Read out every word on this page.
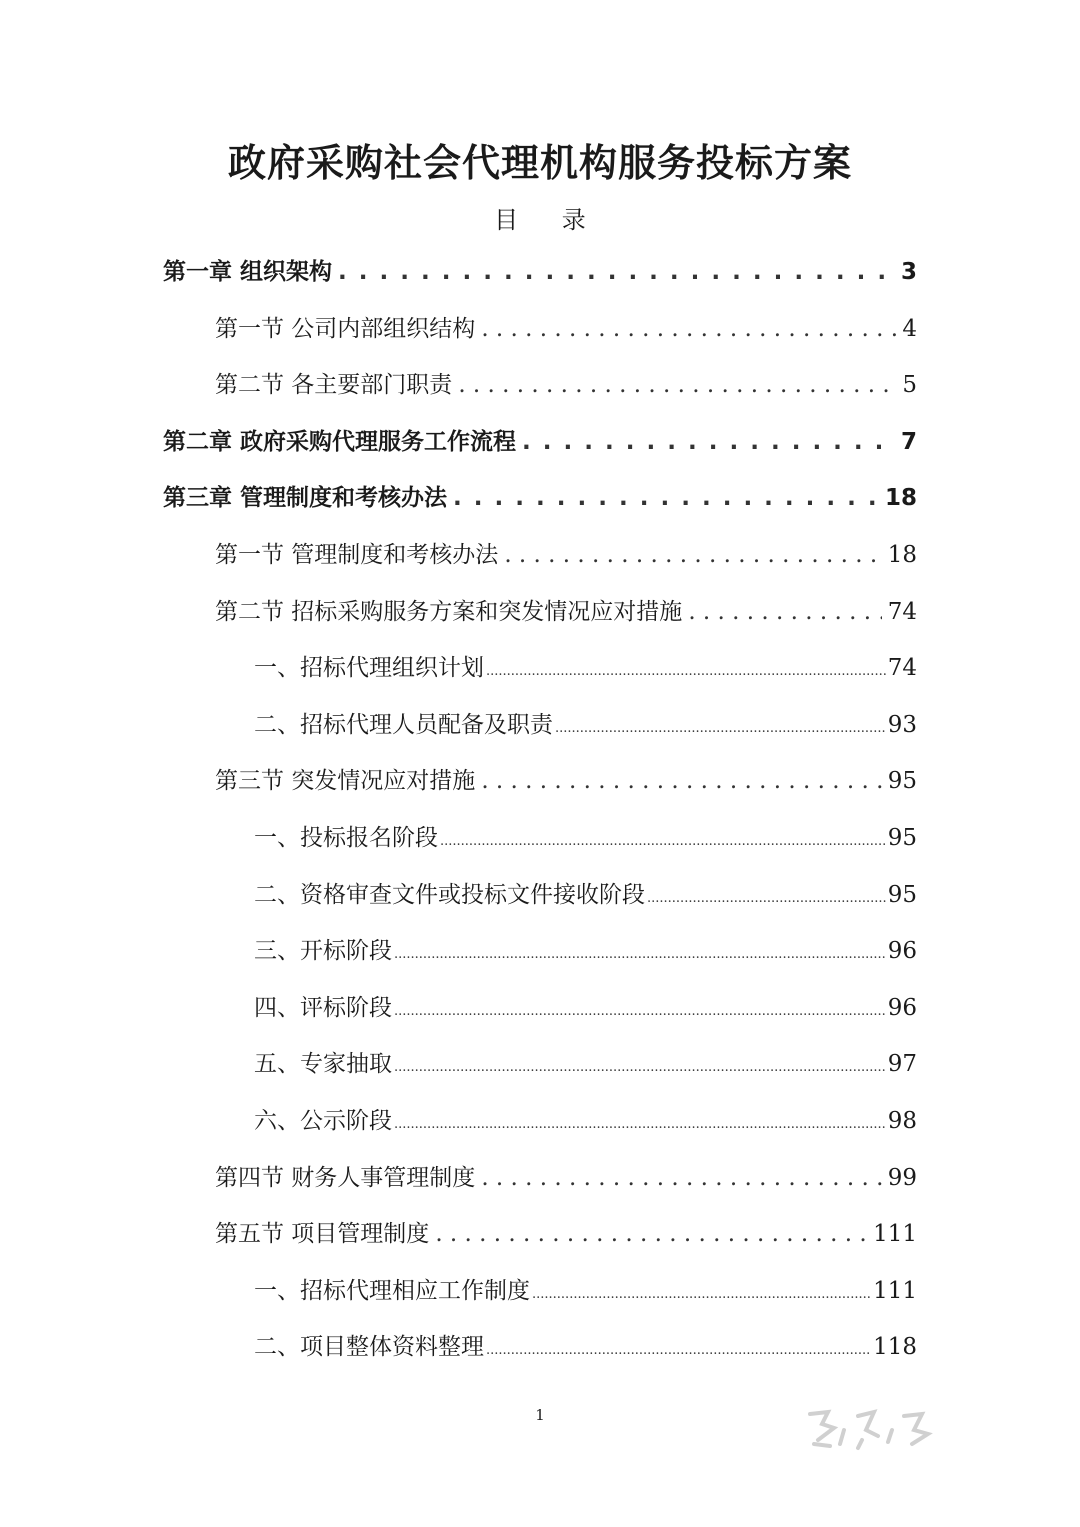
政府采购社会代理机构服务投标方案
目 录
第一章 组织架构 . . .	3
第一节 公司内部组织结构 . . .	4
第二节 各主要部门职责 . . .	5
第二章 政府采购代理服务工作流程 . . .	7
第三章 管理制度和考核办法 . . .	18
第一节 管理制度和考核办法 . . .	18
第二节 招标采购服务方案和突发情况应对措施 . . .	74
一、招标代理组织计划 .....	74
二、招标代理人员配备及职责 .....	93
第三节 突发情况应对措施 . . .	95
一、投标报名阶段 .....	95
二、资格审查文件或投标文件接收阶段 .....	95
三、开标阶段 .....	96
四、评标阶段 .....	96
五、专家抽取 .....	97
六、公示阶段 .....	98
第四节 财务人事管理制度 . . .	99
第五节 项目管理制度 . . .	111
一、招标代理相应工作制度 .....	111
二、项目整体资料整理 .....	118
1
